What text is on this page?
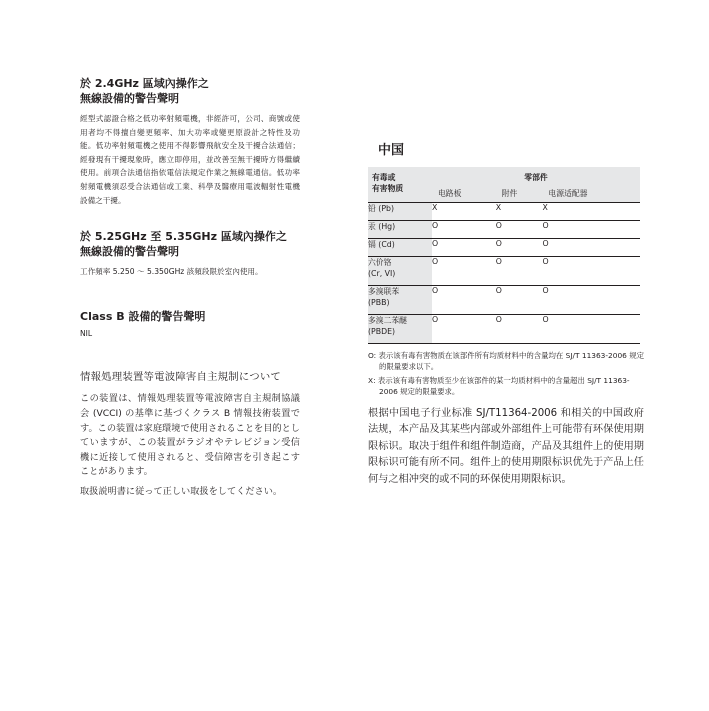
於 2.4GHz 區域內操作之
無線設備的警告聲明

經型式認證合格之低功率射頻電機，非經許可，公司、商號或使用者均不得擅自變更頻率、加大功率或變更原設計之特性及功能。低功率射頻電機之使用不得影響飛航安全及干擾合法通信；經發現有干擾現象時，應立即停用，並改善至無干擾時方得繼續使用。前項合法通信指依電信法規定作業之無線電通信。低功率射頻電機須忍受合法通信或工業、科學及醫療用電波輻射性電機設備之干擾。

於 5.25GHz 至 5.35GHz 區域內操作之
無線設備的警告聲明

工作頻率 5.250 ～ 5.350GHz 該頻段限於室內使用。

Class B 設備的警告聲明

NIL

情報処理装置等電波障害自主規制について

この装置は、情報処理装置等電波障害自主規制協議会 (VCCI) の基準に基づくクラス B 情報技術装置です。この装置は家庭環境で使用されることを目的としていますが、この装置がラジオやテレビジョン受信機に近接して使用されると、受信障害を引き起こすことがあります。

取扱説明書に従って正しい取扱をしてください。

中国

有毒或
有害物质	零部件		
	电路板	附件	电源适配器
铅 (Pb)	X	X	X
汞 (Hg)	O	O	O
镉 (Cd)	O	O	O
六价铬
(Cr, VI)	O	O	O
多溴联苯
(PBB)	O	O	O
多溴二苯醚
(PBDE)	O	O	O
O: 表示该有毒有害物质在该部件所有均质材料中的含量均在 SJ/T 11363-2006 规定的限量要求以下。
X: 表示该有毒有害物质至少在该部件的某一均质材料中的含量超出 SJ/T 11363-2006 规定的限量要求。

根据中国电子行业标准 SJ/T11364-2006 和相关的中国政府法规，本产品及其某些内部或外部组件上可能带有环保使用期限标识。取决于组件和组件制造商，产品及其组件上的使用期限标识可能有所不同。组件上的使用期限标识优先于产品上任何与之相冲突的或不同的环保使用期限标识。
